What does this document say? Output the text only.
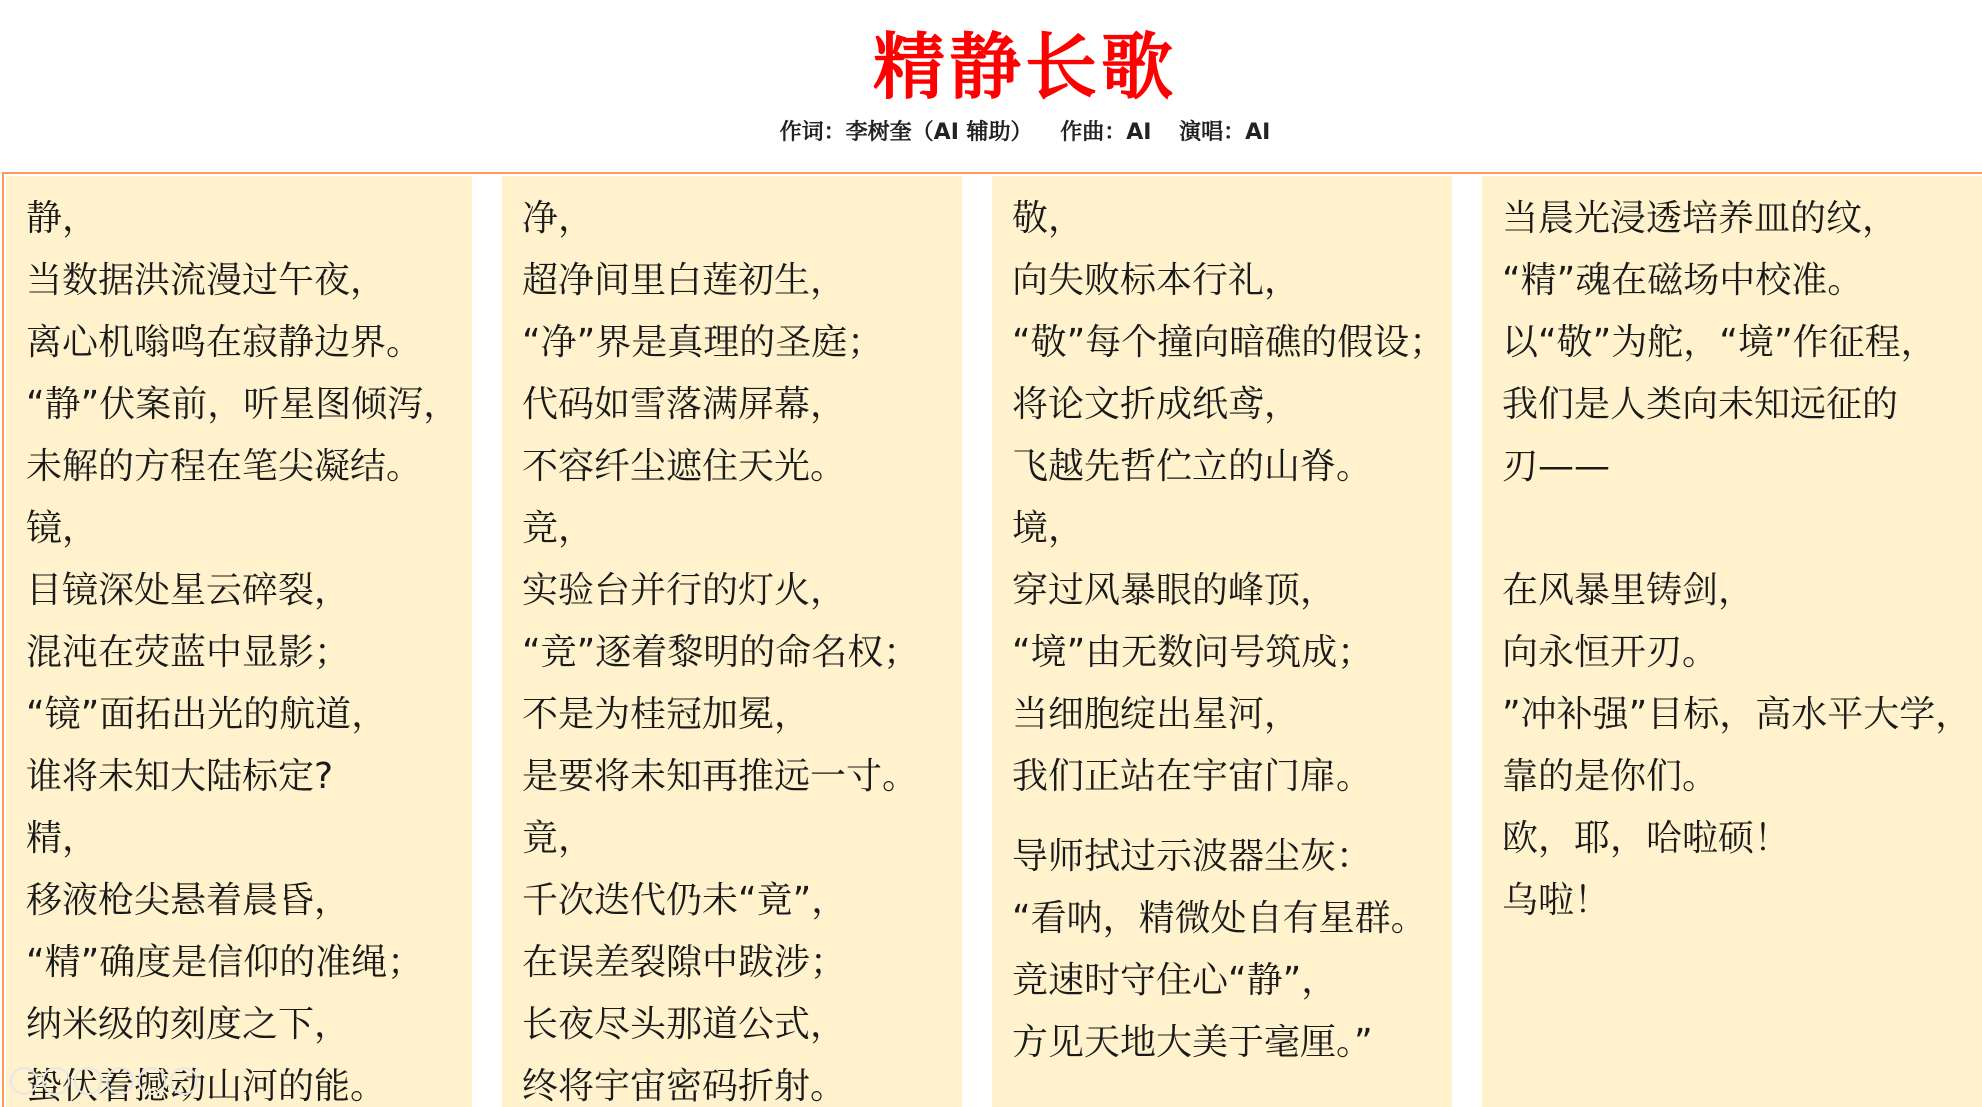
精静长歌
作词：李树奎（AI 辅助） 作曲：AI 演唱：AI
静，
当数据洪流漫过午夜，
离心机嗡鸣在寂静边界。
“静”伏案前，听星图倾泻，
未解的方程在笔尖凝结。
镜，
目镜深处星云碎裂，
混沌在荧蓝中显影；
“镜”面拓出光的航道，
谁将未知大陆标定?
精，
移液枪尖悬着晨昏，
“精”确度是信仰的准绳；
纳米级的刻度之下，
蛰伏着撼动山河的能。
净，
超净间里白莲初生，
“净”界是真理的圣庭；
代码如雪落满屏幕，
不容纤尘遮住天光。
竞，
实验台并行的灯火，
“竞”逐着黎明的命名权；
不是为桂冠加冕，
是要将未知再推远一寸。
竟，
千次迭代仍未“竟”，
在误差裂隙中跋涉；
长夜尽头那道公式，
终将宇宙密码折射。
敬，
向失败标本行礼，
“敬”每个撞向暗礁的假设；
将论文折成纸鸢，
飞越先哲伫立的山脊。
境，
穿过风暴眼的峰顶，
“境”由无数问号筑成；
当细胞绽出星河，
我们正站在宇宙门扉。
导师拭过示波器尘灰：
“看呐，精微处自有星群。
竞速时守住心“静”，
方见天地大美于毫厘。”
当晨光浸透培养皿的纹，
“精”魂在磁场中校准。
以“敬”为舵，“境”作征程，
我们是人类向未知远征的
刃——
在风暴里铸剑，
向永恒开刃。
”冲补强”目标，高水平大学，
靠的是你们。
欧，耶，哈啦硕！
乌啦！
